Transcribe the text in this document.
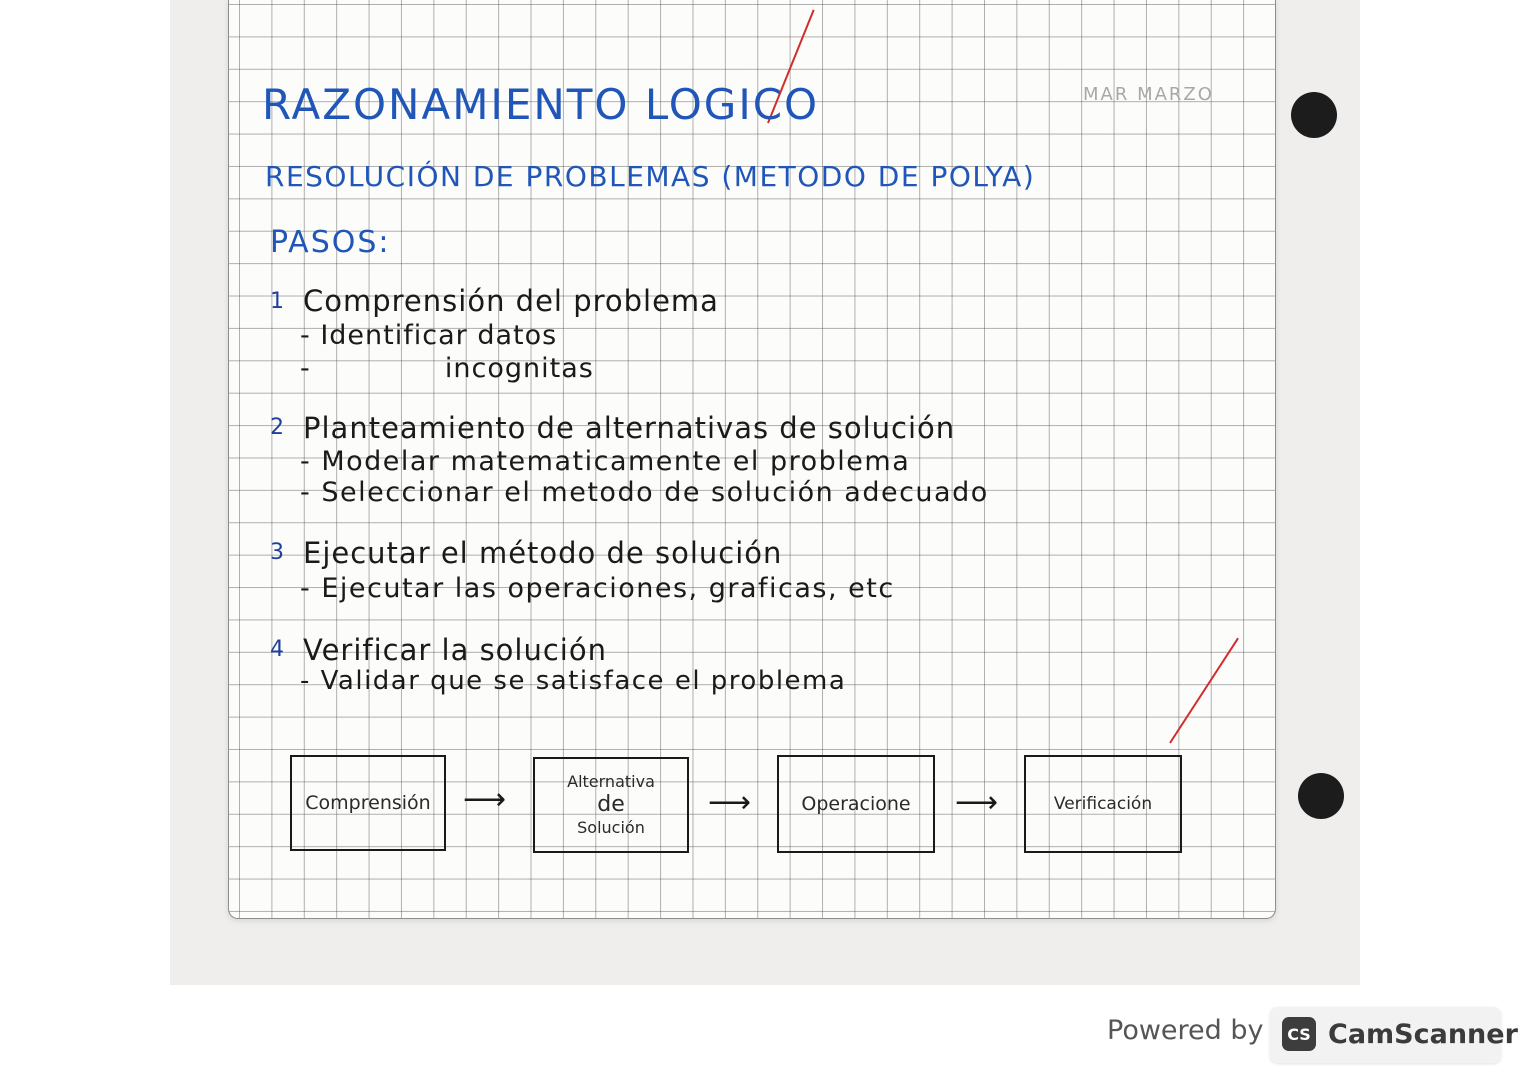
RAZONAMIENTO LOGICO	MAR MARZO
RESOLUCIÓN DE PROBLEMAS (METODO DE POLYA)
PASOS:
1 Comprensión del problema
- Identificar datos
-              incognitas
2 Planteamiento de alternativas de solución
- Modelar matematicamente el problema
- Seleccionar el metodo de solución adecuado
3 Ejecutar el método de solución
- Ejecutar las operaciones, graficas, etc
4 Verificar la solución
- Validar que se satisface el problema
Comprensión ⟶
Alternativa
de
Solución
⟶	Operacione ⟶	Verificación
Powered by	CS CamScanner
